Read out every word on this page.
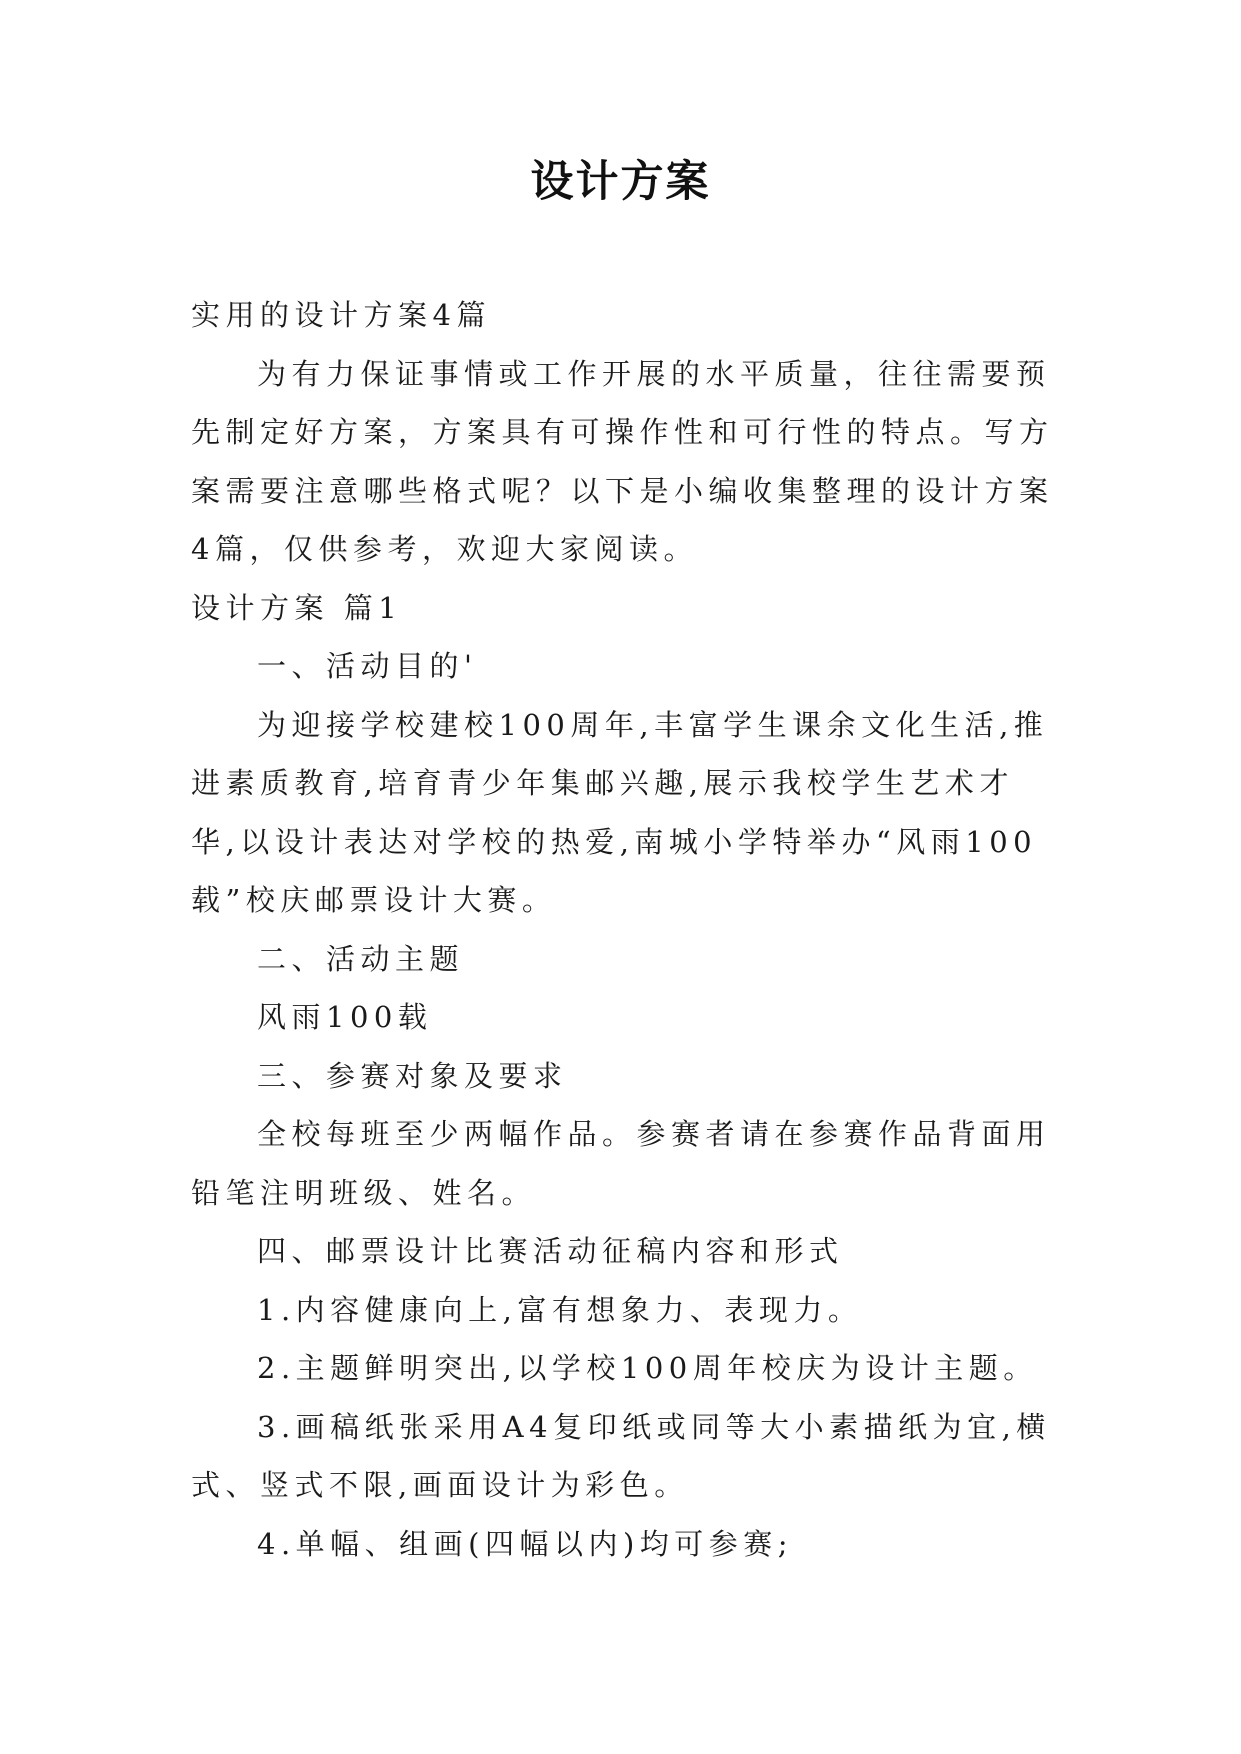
设计方案

实用的设计方案4篇

为有力保证事情或工作开展的水平质量，往往需要预先制定好方案，方案具有可操作性和可行性的特点。写方案需要注意哪些格式呢？以下是小编收集整理的设计方案4篇，仅供参考，欢迎大家阅读。

设计方案 篇1

一、活动目的'

为迎接学校建校100周年,丰富学生课余文化生活,推进素质教育,培育青少年集邮兴趣,展示我校学生艺术才华,以设计表达对学校的热爱,南城小学特举办“风雨100载”校庆邮票设计大赛。

二、活动主题

风雨100载

三、参赛对象及要求

全校每班至少两幅作品。参赛者请在参赛作品背面用铅笔注明班级、姓名。

四、邮票设计比赛活动征稿内容和形式

1.内容健康向上,富有想象力、表现力。

2.主题鲜明突出,以学校100周年校庆为设计主题。

3.画稿纸张采用A4复印纸或同等大小素描纸为宜,横式、竖式不限,画面设计为彩色。

4.单幅、组画(四幅以内)均可参赛;
